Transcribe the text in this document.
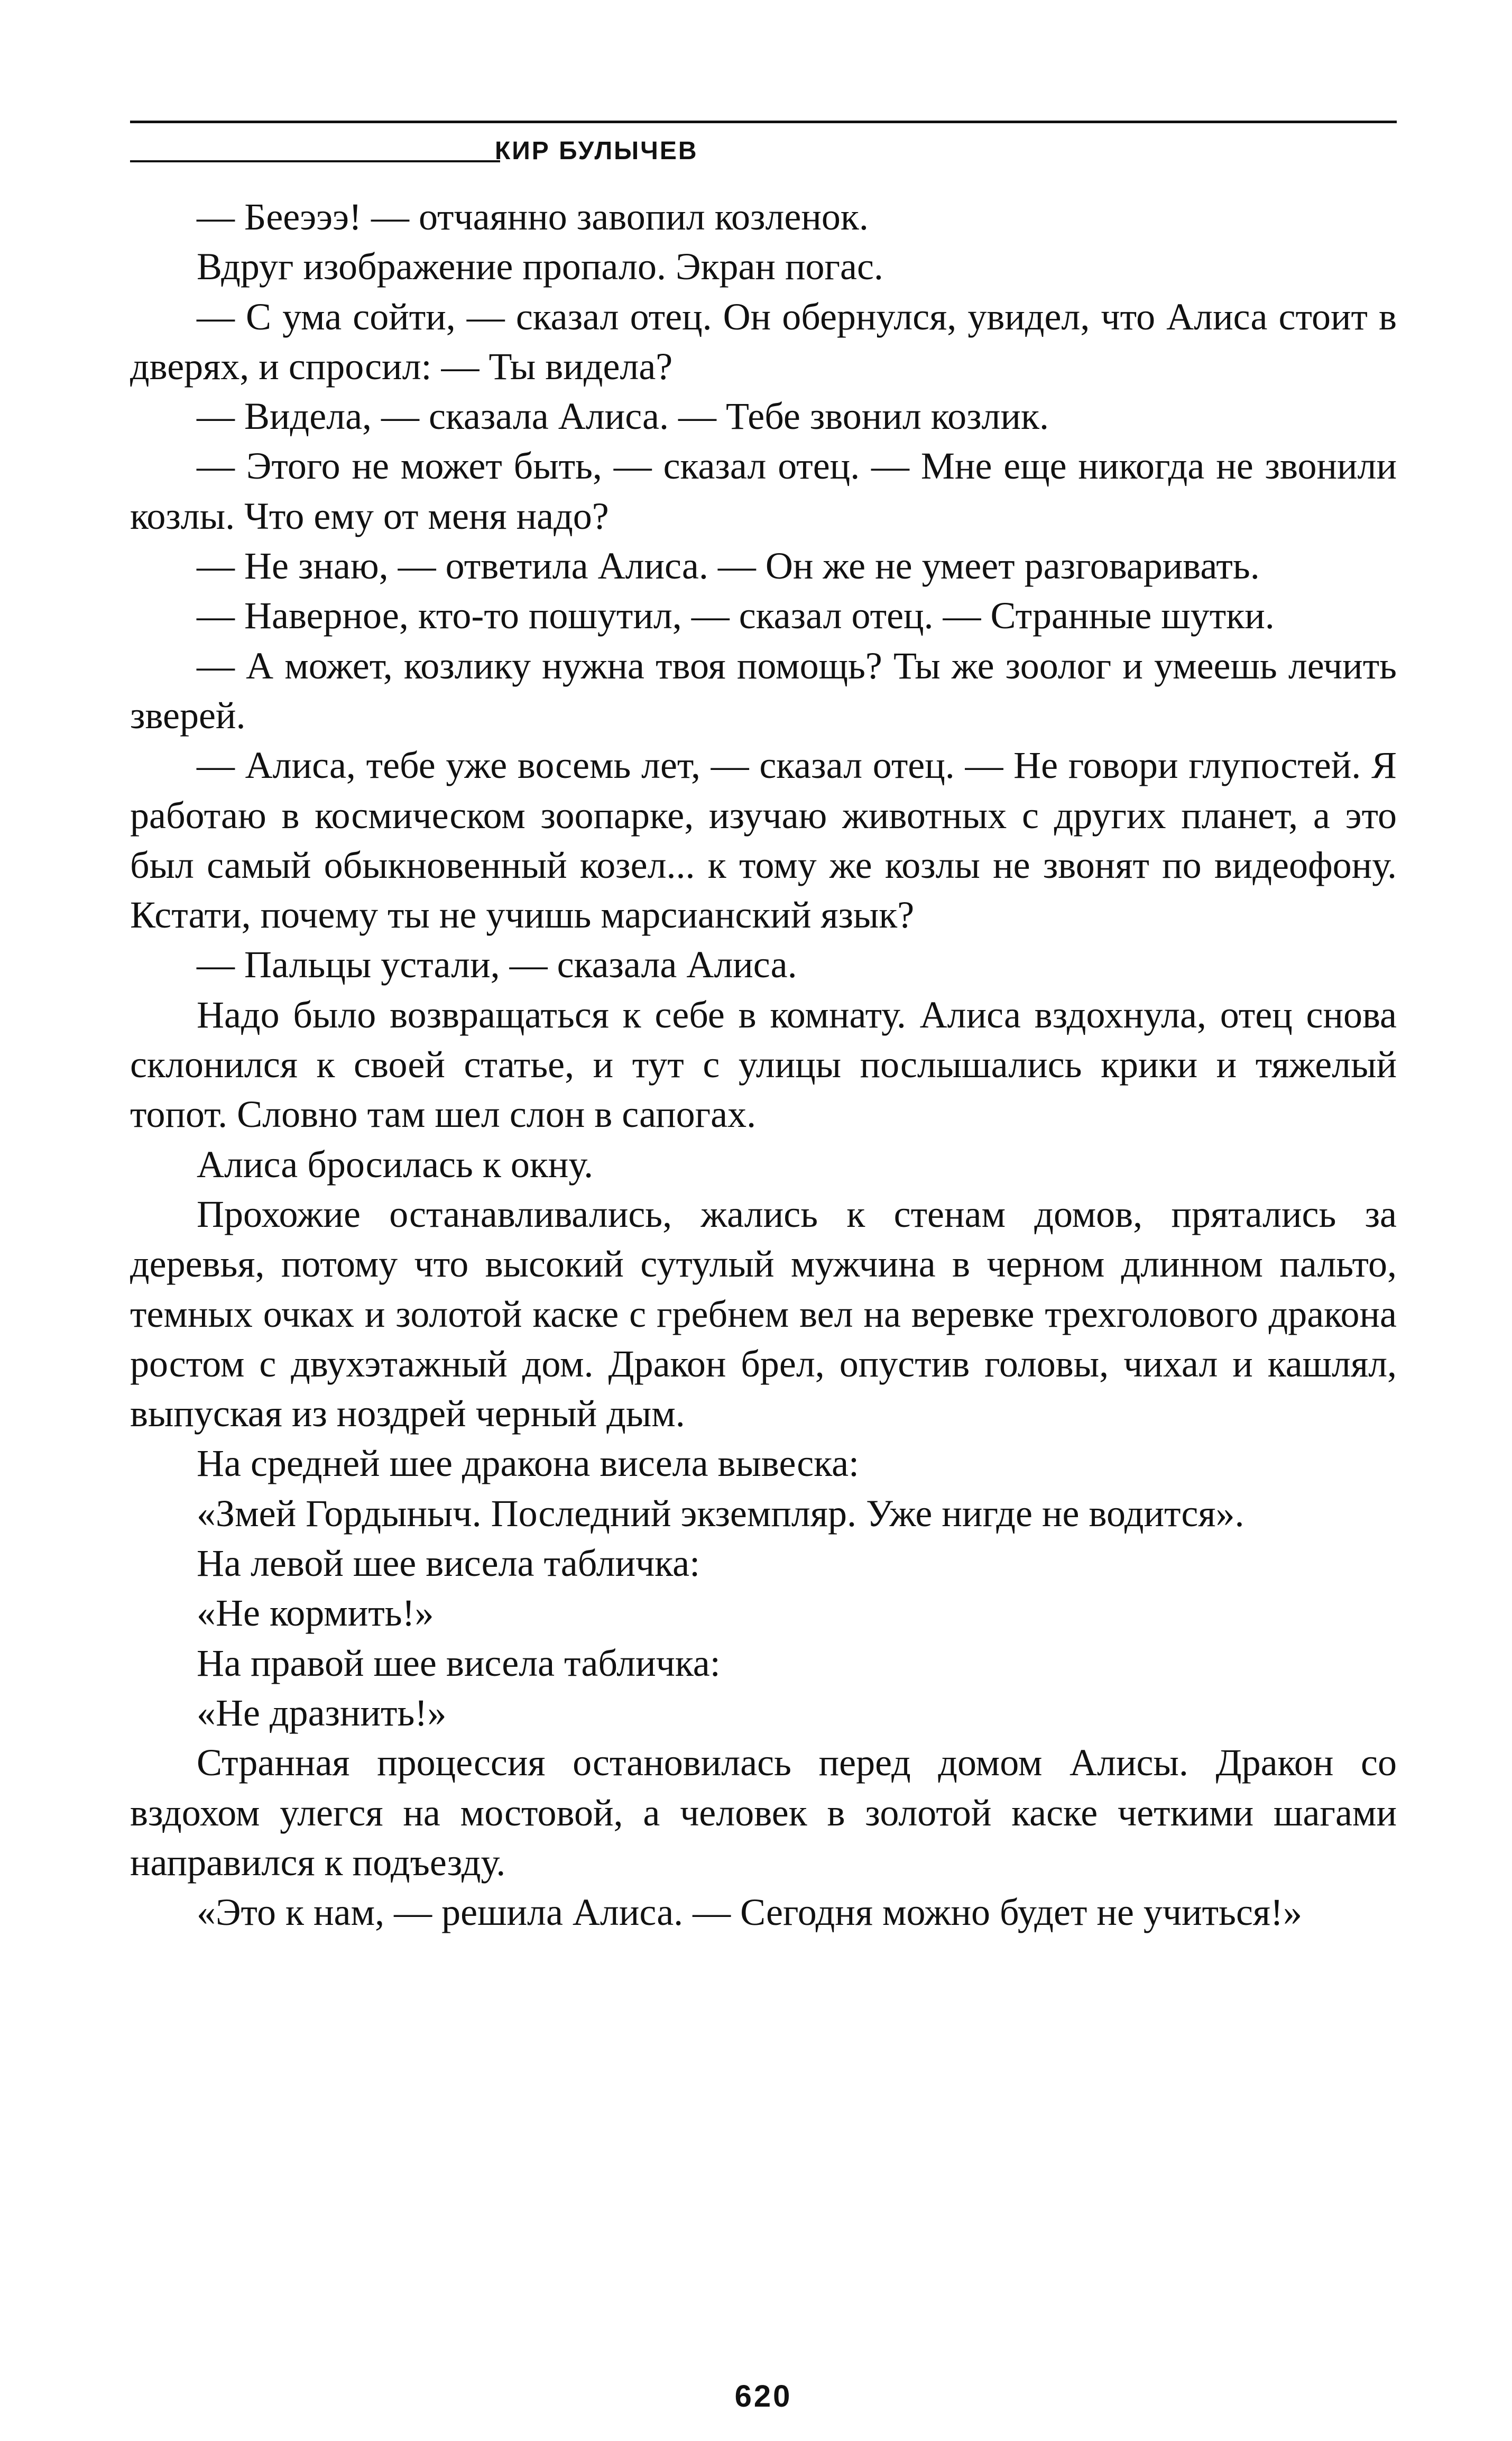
КИР БУЛЫЧЕВ

— Бееэээ! — отчаянно завопил козленок.

Вдруг изображение пропало. Экран погас.

— С ума сойти, — сказал отец. Он обернулся, увидел, что Алиса стоит в дверях, и спросил: — Ты видела?

— Видела, — сказала Алиса. — Тебе звонил козлик.

— Этого не может быть, — сказал отец. — Мне еще никогда не звонили козлы. Что ему от меня надо?

— Не знаю, — ответила Алиса. — Он же не умеет разговаривать.

— Наверное, кто-то пошутил, — сказал отец. — Странные шутки.

— А может, козлику нужна твоя помощь? Ты же зоолог и умеешь лечить зверей.

— Алиса, тебе уже восемь лет, — сказал отец. — Не говори глупостей. Я работаю в космическом зоопарке, изучаю животных с других планет, а это был самый обыкновенный козел... к тому же козлы не звонят по видеофону. Кстати, почему ты не учишь марсианский язык?

— Пальцы устали, — сказала Алиса.

Надо было возвращаться к себе в комнату. Алиса вздохнула, отец снова склонился к своей статье, и тут с улицы послышались крики и тяжелый топот. Словно там шел слон в сапогах.

Алиса бросилась к окну.

Прохожие останавливались, жались к стенам домов, прятались за деревья, потому что высокий сутулый мужчина в черном длинном пальто, темных очках и золотой каске с гребнем вел на веревке трехголового дракона ростом с двухэтажный дом. Дракон брел, опустив головы, чихал и кашлял, выпуская из ноздрей черный дым.

На средней шее дракона висела вывеска:

«Змей Гордыныч. Последний экземпляр. Уже нигде не водится».

На левой шее висела табличка:

«Не кормить!»

На правой шее висела табличка:

«Не дразнить!»

Странная процессия остановилась перед домом Алисы. Дракон со вздохом улегся на мостовой, а человек в золотой каске четкими шагами направился к подъезду.

«Это к нам, — решила Алиса. — Сегодня можно будет не учиться!»

620
